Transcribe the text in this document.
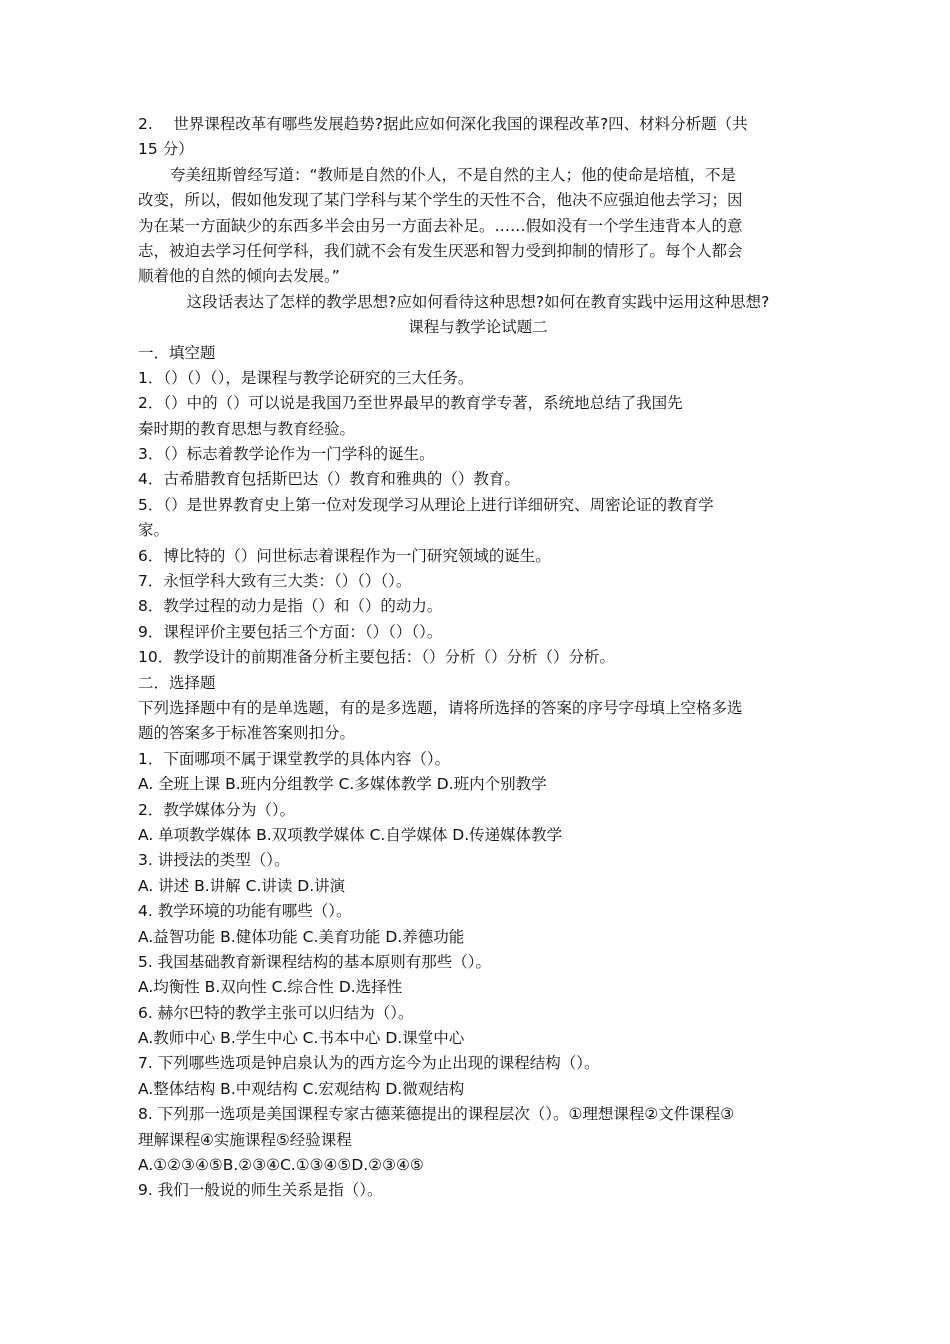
2.　 世界课程改革有哪些发展趋势?据此应如何深化我国的课程改革?四、材料分析题（共
15 分）
夸美纽斯曾经写道：“教师是自然的仆人，不是自然的主人；他的使命是培植，不是
改变，所以，假如他发现了某门学科与某个学生的天性不合，他决不应强迫他去学习；因
为在某一方面缺少的东西多半会由另一方面去补足。……假如没有一个学生违背本人的意
志，被迫去学习任何学科，我们就不会有发生厌恶和智力受到抑制的情形了。每个人都会
顺着他的自然的倾向去发展。”
这段话表达了怎样的教学思想?应如何看待这种思想?如何在教育实践中运用这种思想?
课程与教学论试题二
一．填空题
1．（）（）（），是课程与教学论研究的三大任务。
2．（）中的（）可以说是我国乃至世界最早的教育学专著，系统地总结了我国先
秦时期的教育思想与教育经验。
3．（）标志着教学论作为一门学科的诞生。
4．古希腊教育包括斯巴达（）教育和雅典的（）教育。
5．（）是世界教育史上第一位对发现学习从理论上进行详细研究、周密论证的教育学
家。
6．博比特的（）问世标志着课程作为一门研究领域的诞生。
7．永恒学科大致有三大类：（）（）（）。
8．教学过程的动力是指（）和（）的动力。
9．课程评价主要包括三个方面：（）（）（）。
10．教学设计的前期准备分析主要包括：（）分析（）分析（）分析。
二．选择题
下列选择题中有的是单选题，有的是多选题，请将所选择的答案的序号字母填上空格多选
题的答案多于标准答案则扣分。
1．下面哪项不属于课堂教学的具体内容（）。
A. 全班上课 B.班内分组教学 C.多媒体教学 D.班内个别教学
2．教学媒体分为（）。
A. 单项教学媒体 B.双项教学媒体 C.自学媒体 D.传递媒体教学
3. 讲授法的类型（）。
A. 讲述 B.讲解 C.讲读 D.讲演
4. 教学环境的功能有哪些（）。
A.益智功能 B.健体功能 C.美育功能 D.养德功能
5. 我国基础教育新课程结构的基本原则有那些（）。
A.均衡性 B.双向性 C.综合性 D.选择性
6. 赫尔巴特的教学主张可以归结为（）。
A.教师中心 B.学生中心 C.书本中心 D.课堂中心
7. 下列哪些选项是钟启泉认为的西方迄今为止出现的课程结构（）。
A.整体结构 B.中观结构 C.宏观结构 D.微观结构
8. 下列那一选项是美国课程专家古德莱德提出的课程层次（）。①理想课程②文件课程③
理解课程④实施课程⑤经验课程
A.①②③④⑤B.②③④C.①③④⑤D.②③④⑤
9. 我们一般说的师生关系是指（）。
